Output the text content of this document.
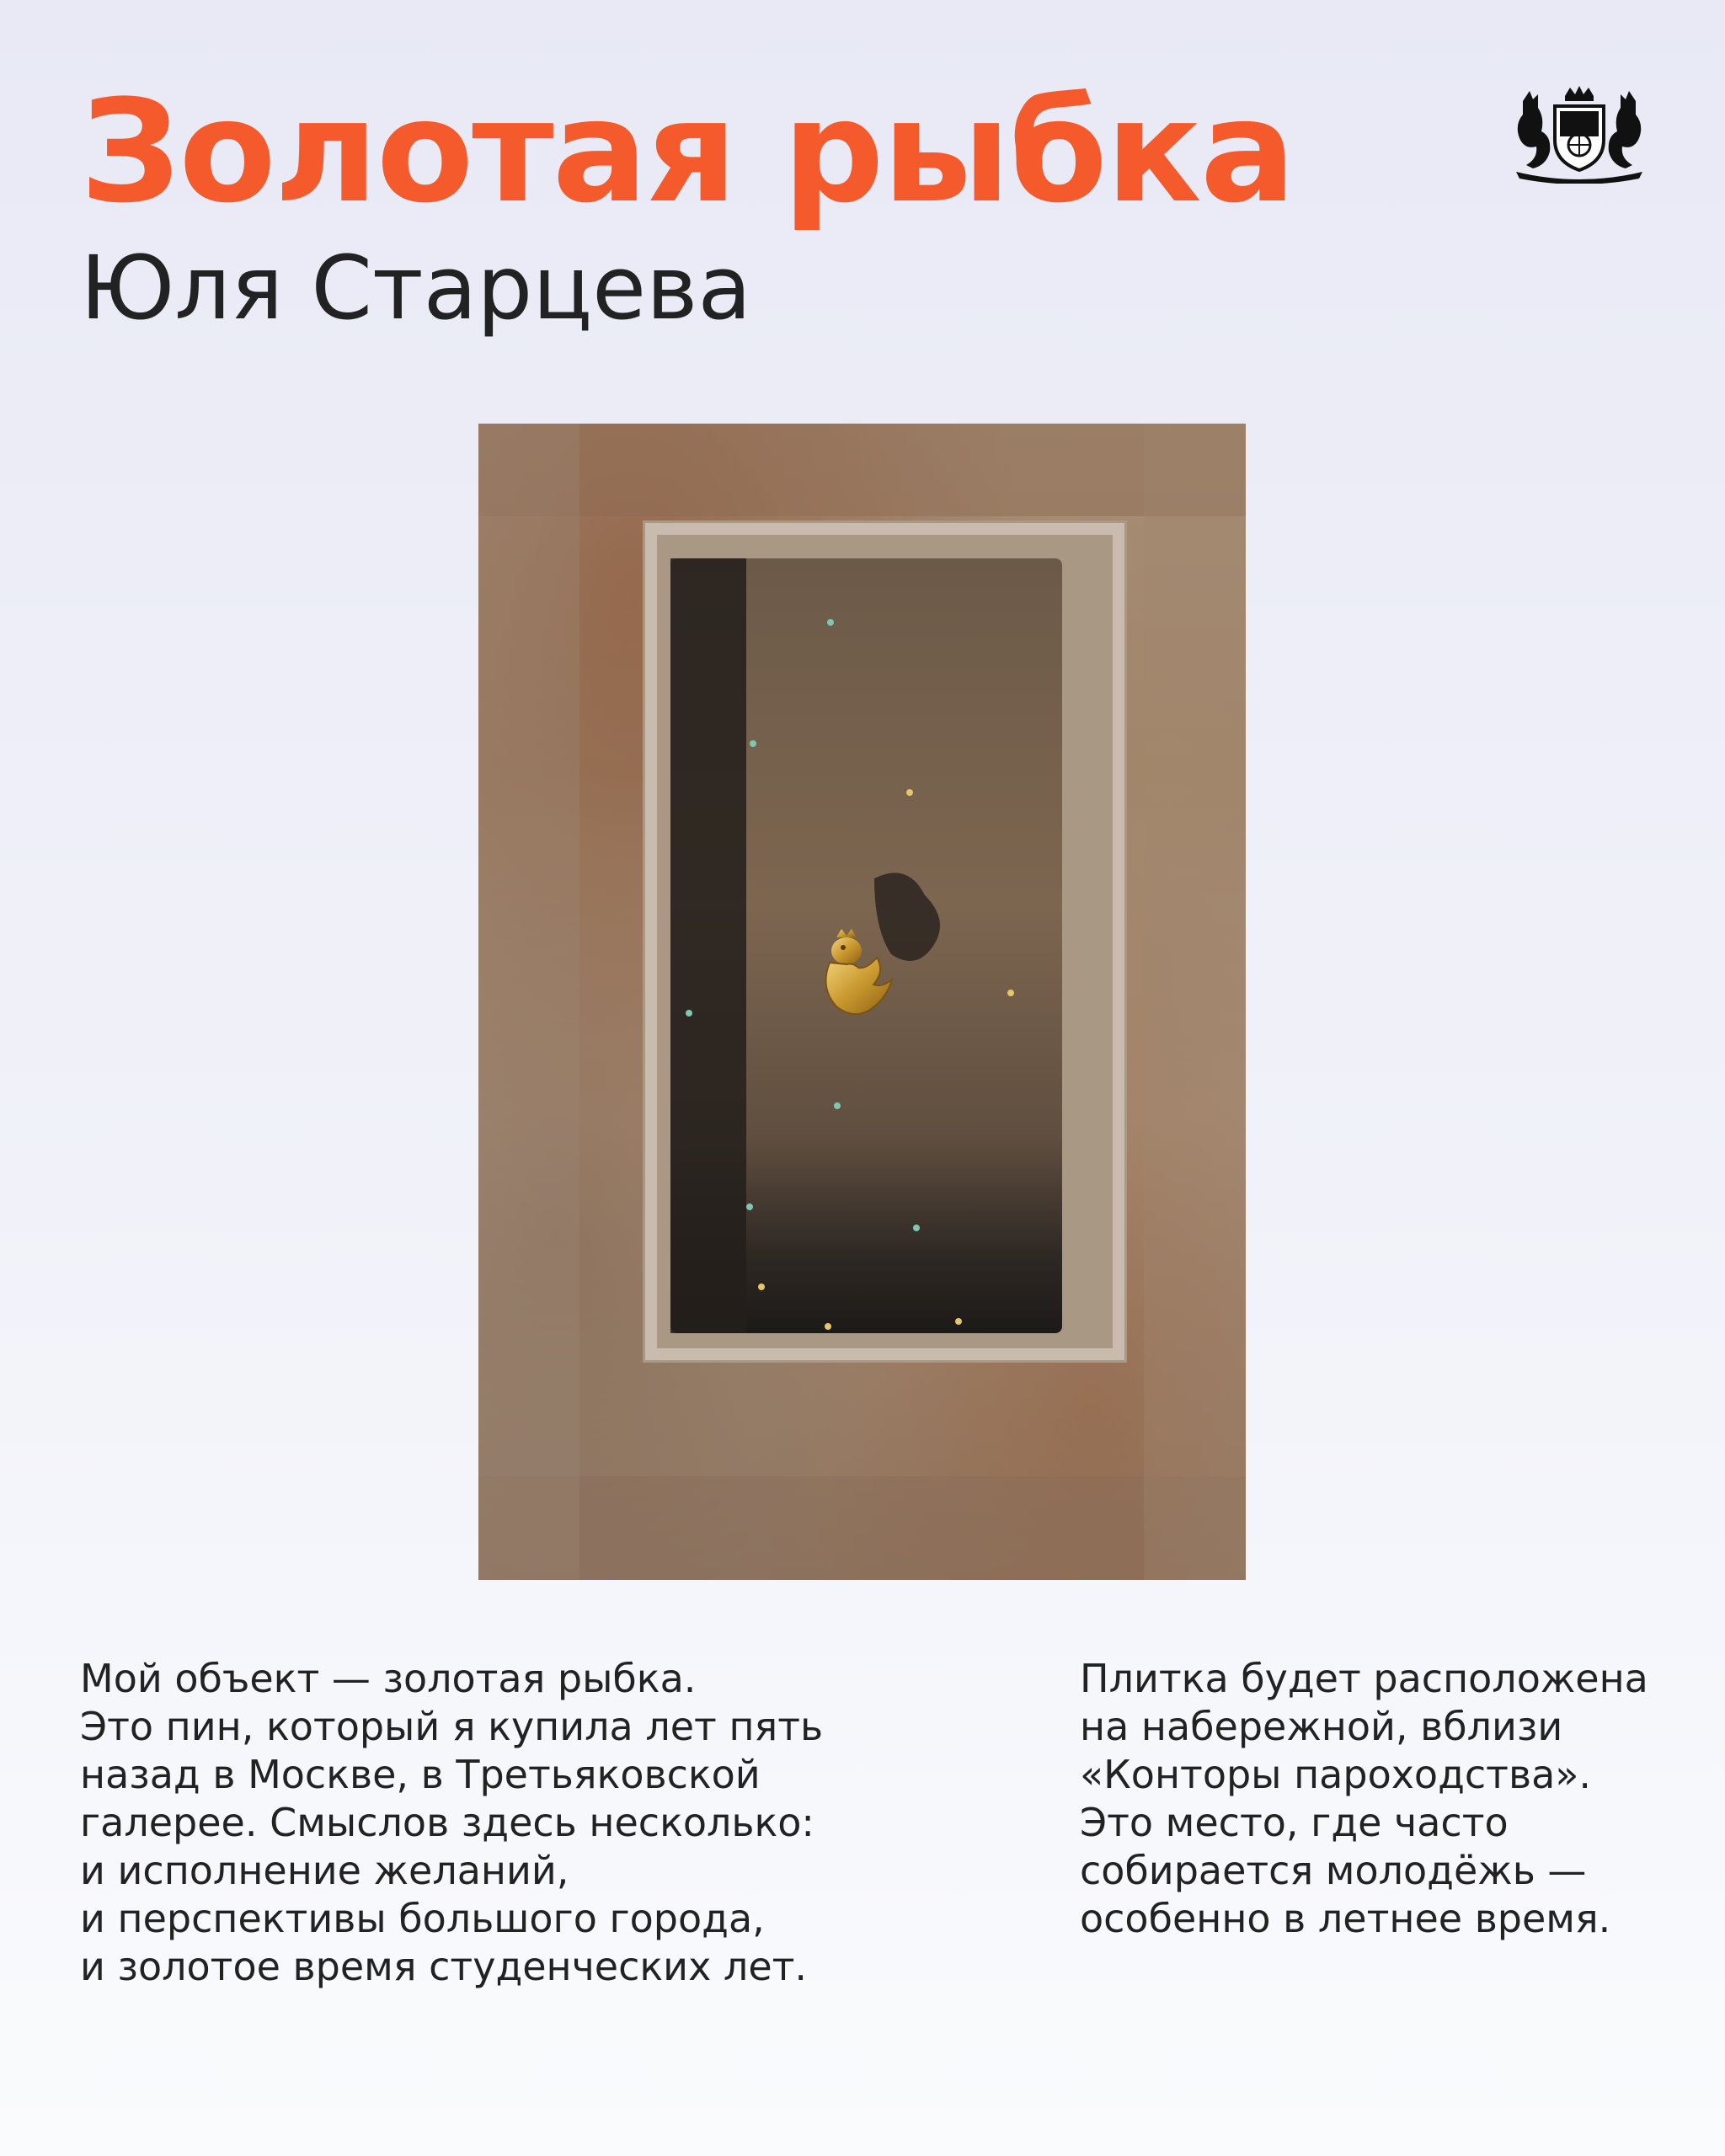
Золотая рыбка
Юля Старцева

Мой объект — золотая рыбка.
Это пин, который я купила лет пять
назад в Москве, в Третьяковской
галерее. Смыслов здесь несколько:
и исполнение желаний,
и перспективы большого города,
и золотое время студенческих лет.

Плитка будет расположена
на набережной, вблизи
«Конторы пароходства».
Это место, где часто
собирается молодёжь —
особенно в летнее время.
